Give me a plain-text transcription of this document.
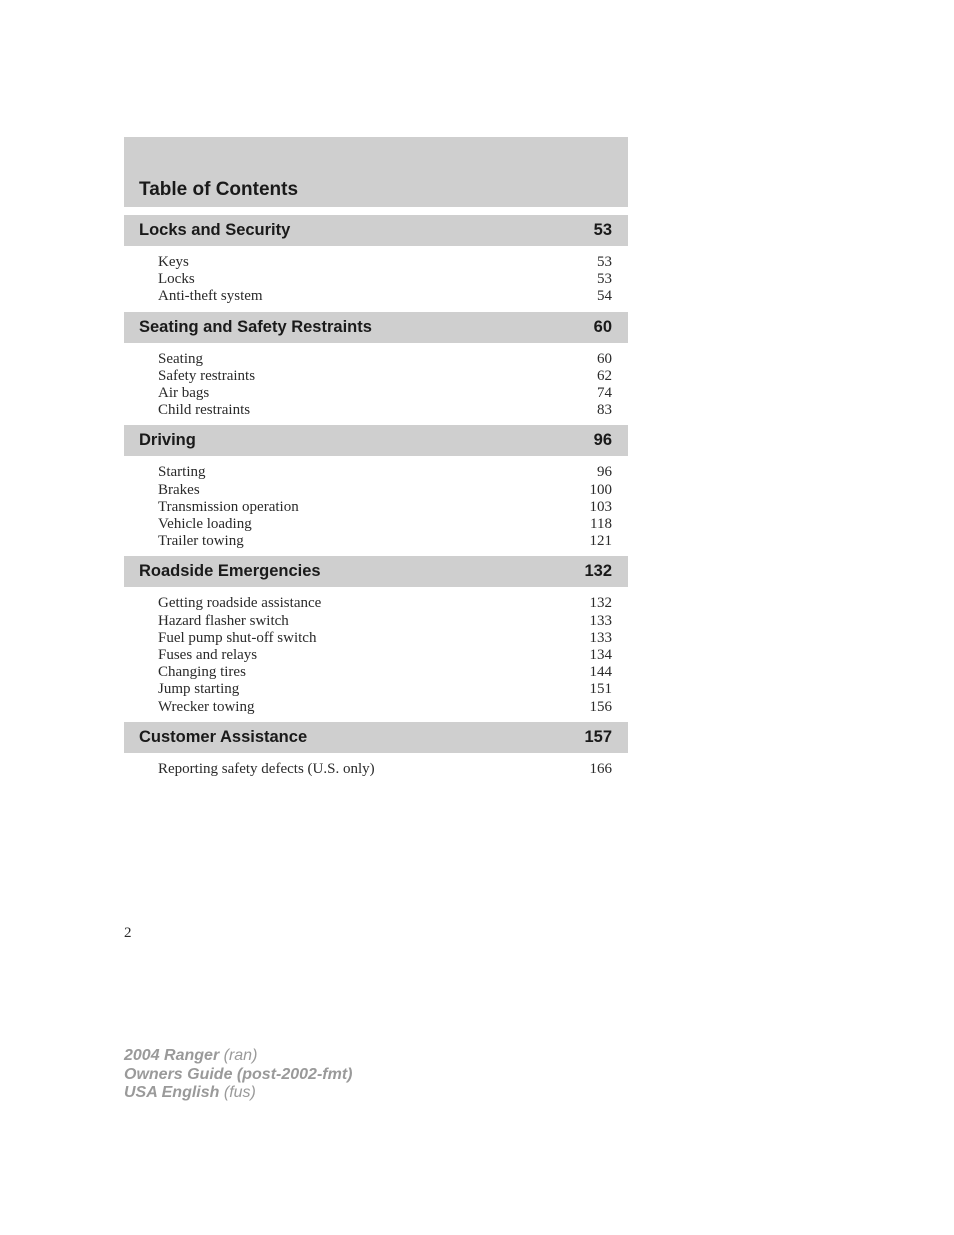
Table of Contents
Locks and Security	53
Keys	53
Locks	53
Anti-theft system	54
Seating and Safety Restraints	60
Seating	60
Safety restraints	62
Air bags	74
Child restraints	83
Driving	96
Starting	96
Brakes	100
Transmission operation	103
Vehicle loading	118
Trailer towing	121
Roadside Emergencies	132
Getting roadside assistance	132
Hazard flasher switch	133
Fuel pump shut-off switch	133
Fuses and relays	134
Changing tires	144
Jump starting	151
Wrecker towing	156
Customer Assistance	157
Reporting safety defects (U.S. only)	166
2
2004 Ranger (ran)
Owners Guide (post-2002-fmt)
USA English (fus)
